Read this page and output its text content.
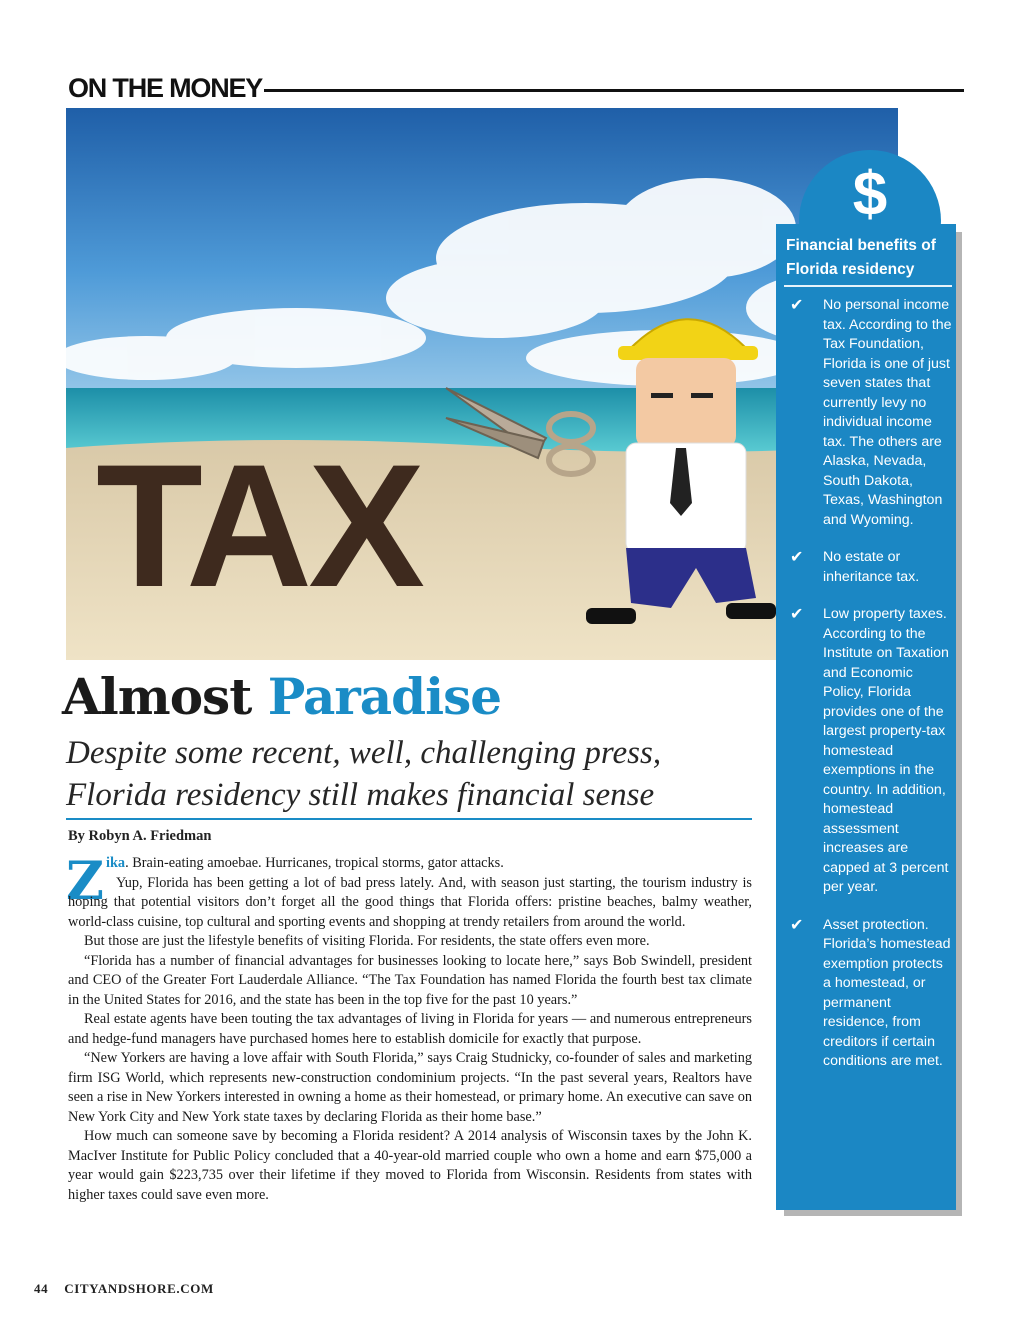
ON THE MONEY
TAX
Almost Paradise
Despite some recent, well, challenging press, Florida residency still makes financial sense
By Robyn A. Friedman
Z ika. Brain-eating amoebae. Hurricanes, tropical storms, gator attacks.

Yup, Florida has been getting a lot of bad press lately. And, with season just starting, the tourism industry is hoping that potential visitors don’t forget all the good things that Florida offers: pristine beaches, balmy weather, world-class cuisine, top cultural and sporting events and shopping at trendy retailers from around the world.

But those are just the lifestyle benefits of visiting Florida. For residents, the state offers even more.

“Florida has a number of financial advantages for businesses looking to locate here,” says Bob Swindell, president and CEO of the Greater Fort Lauderdale Alliance. “The Tax Foundation has named Florida the fourth best tax climate in the United States for 2016, and the state has been in the top five for the past 10 years.”

Real estate agents have been touting the tax advantages of living in Florida for years — and numerous entrepreneurs and hedge-fund managers have purchased homes here to establish domicile for exactly that purpose.

“New Yorkers are having a love affair with South Florida,” says Craig Studnicky, co-founder of sales and marketing firm ISG World, which represents new-construction condominium projects. “In the past several years, Realtors have seen a rise in New Yorkers interested in owning a home as their homestead, or primary home. An executive can save on New York City and New York state taxes by declaring Florida as their home base.”

How much can someone save by becoming a Florida resident? A 2014 analysis of Wisconsin taxes by the John K. MacIver Institute for Public Policy concluded that a 40-year-old married couple who own a home and earn $75,000 a year would gain $223,735 over their lifetime if they moved to Florida from Wisconsin. Residents from states with higher taxes could save even more.

44 CITYANDSHORE.COM
Financial benefits of Florida residency
✔	No personal income tax. According to the Tax Foundation, Florida is one of just seven states that currently levy no individual income tax. The others are Alaska, Nevada, South Dakota, Texas, Washington and Wyoming.
✔	No estate or inheritance tax.
✔	Low property taxes. According to the Institute on Taxation and Economic Policy, Florida provides one of the largest property-tax homestead exemptions in the country. In addition, homestead assessment increases are capped at 3 percent per year.
✔	Asset protection. Florida’s homestead exemption protects a homestead, or permanent residence, from creditors if certain conditions are met.
$
